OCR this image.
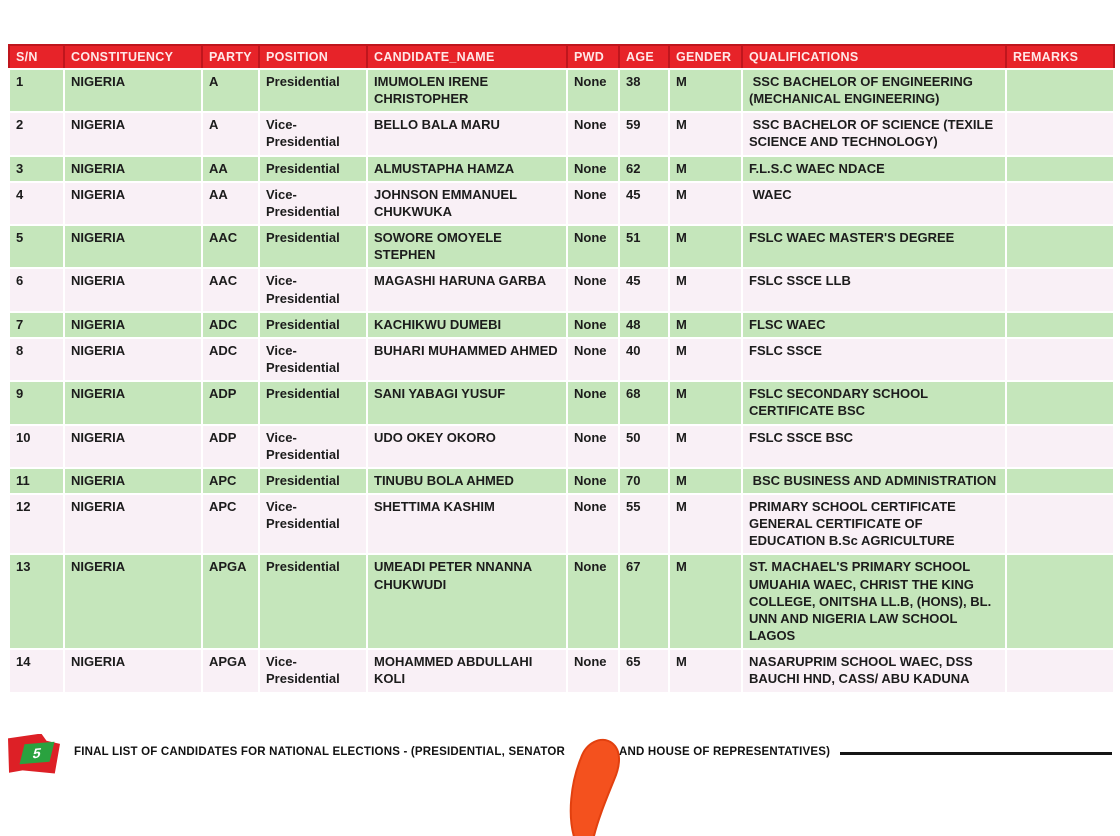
S/N	CONSTITUENCY	PARTY	POSITION	CANDIDATE_NAME	PWD	AGE	GENDER	QUALIFICATIONS	REMARKS
1	NIGERIA	A	Presidential	IMUMOLEN IRENE CHRISTOPHER	None	38	M	SSC BACHELOR OF ENGINEERING (MECHANICAL ENGINEERING)	
2	NIGERIA	A	Vice-Presidential	BELLO BALA MARU	None	59	M	SSC BACHELOR OF SCIENCE (TEXILE SCIENCE AND TECHNOLOGY)	
3	NIGERIA	AA	Presidential	ALMUSTAPHA HAMZA	None	62	M	F.L.S.C WAEC NDACE	
4	NIGERIA	AA	Vice-Presidential	JOHNSON EMMANUEL CHUKWUKA	None	45	M	WAEC	
5	NIGERIA	AAC	Presidential	SOWORE OMOYELE STEPHEN	None	51	M	FSLC WAEC MASTER'S DEGREE	
6	NIGERIA	AAC	Vice-Presidential	MAGASHI HARUNA GARBA	None	45	M	FSLC SSCE LLB	
7	NIGERIA	ADC	Presidential	KACHIKWU DUMEBI	None	48	M	FLSC WAEC	
8	NIGERIA	ADC	Vice-Presidential	BUHARI MUHAMMED AHMED	None	40	M	FSLC SSCE	
9	NIGERIA	ADP	Presidential	SANI YABAGI YUSUF	None	68	M	FSLC SECONDARY SCHOOL CERTIFICATE BSC	
10	NIGERIA	ADP	Vice-Presidential	UDO OKEY OKORO	None	50	M	FSLC SSCE BSC	
11	NIGERIA	APC	Presidential	TINUBU BOLA AHMED	None	70	M	BSC BUSINESS AND ADMINISTRATION	
12	NIGERIA	APC	Vice-Presidential	SHETTIMA KASHIM	None	55	M	PRIMARY SCHOOL CERTIFICATE GENERAL CERTIFICATE OF EDUCATION B.Sc AGRICULTURE	
13	NIGERIA	APGA	Presidential	UMEADI PETER NNANNA CHUKWUDI	None	67	M	ST. MACHAEL'S PRIMARY SCHOOL UMUAHIA WAEC, CHRIST THE KING COLLEGE, ONITSHA LL.B, (HONS), BL. UNN AND NIGERIA LAW SCHOOL LAGOS	
14	NIGERIA	APGA	Vice-Presidential	MOHAMMED ABDULLAHI KOLI	None	65	M	NASARUPRIM SCHOOL WAEC, DSS BAUCHI HND, CASS/ ABU KADUNA	
5	FINAL LIST OF CANDIDATES FOR NATIONAL ELECTIONS - (PRESIDENTIAL, SENATOR	AND HOUSE OF REPRESENTATIVES)
